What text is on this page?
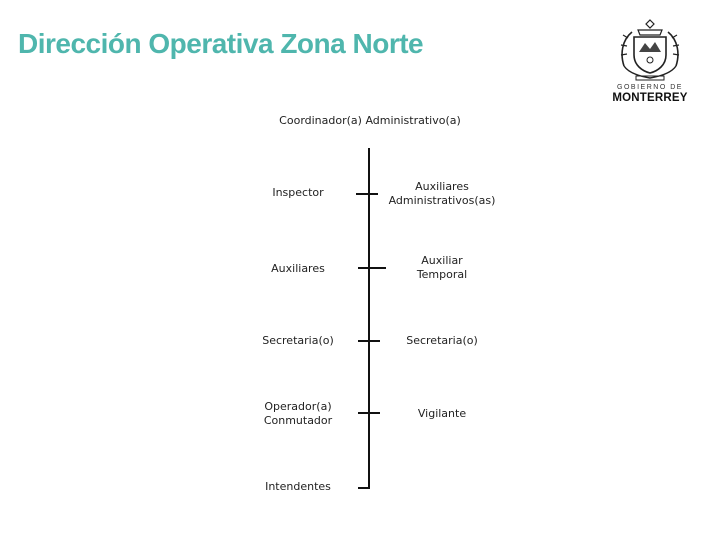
Dirección Operativa Zona Norte
GOBIERNO DE
MONTERREY
Coordinador(a) Administrativo(a)
Inspector
Auxiliares
Secretaria(o)
Operador(a)
Conmutador
Intendentes
Auxiliares
Administrativos(as)
Auxiliar
Temporal
Secretaria(o)
Vigilante
